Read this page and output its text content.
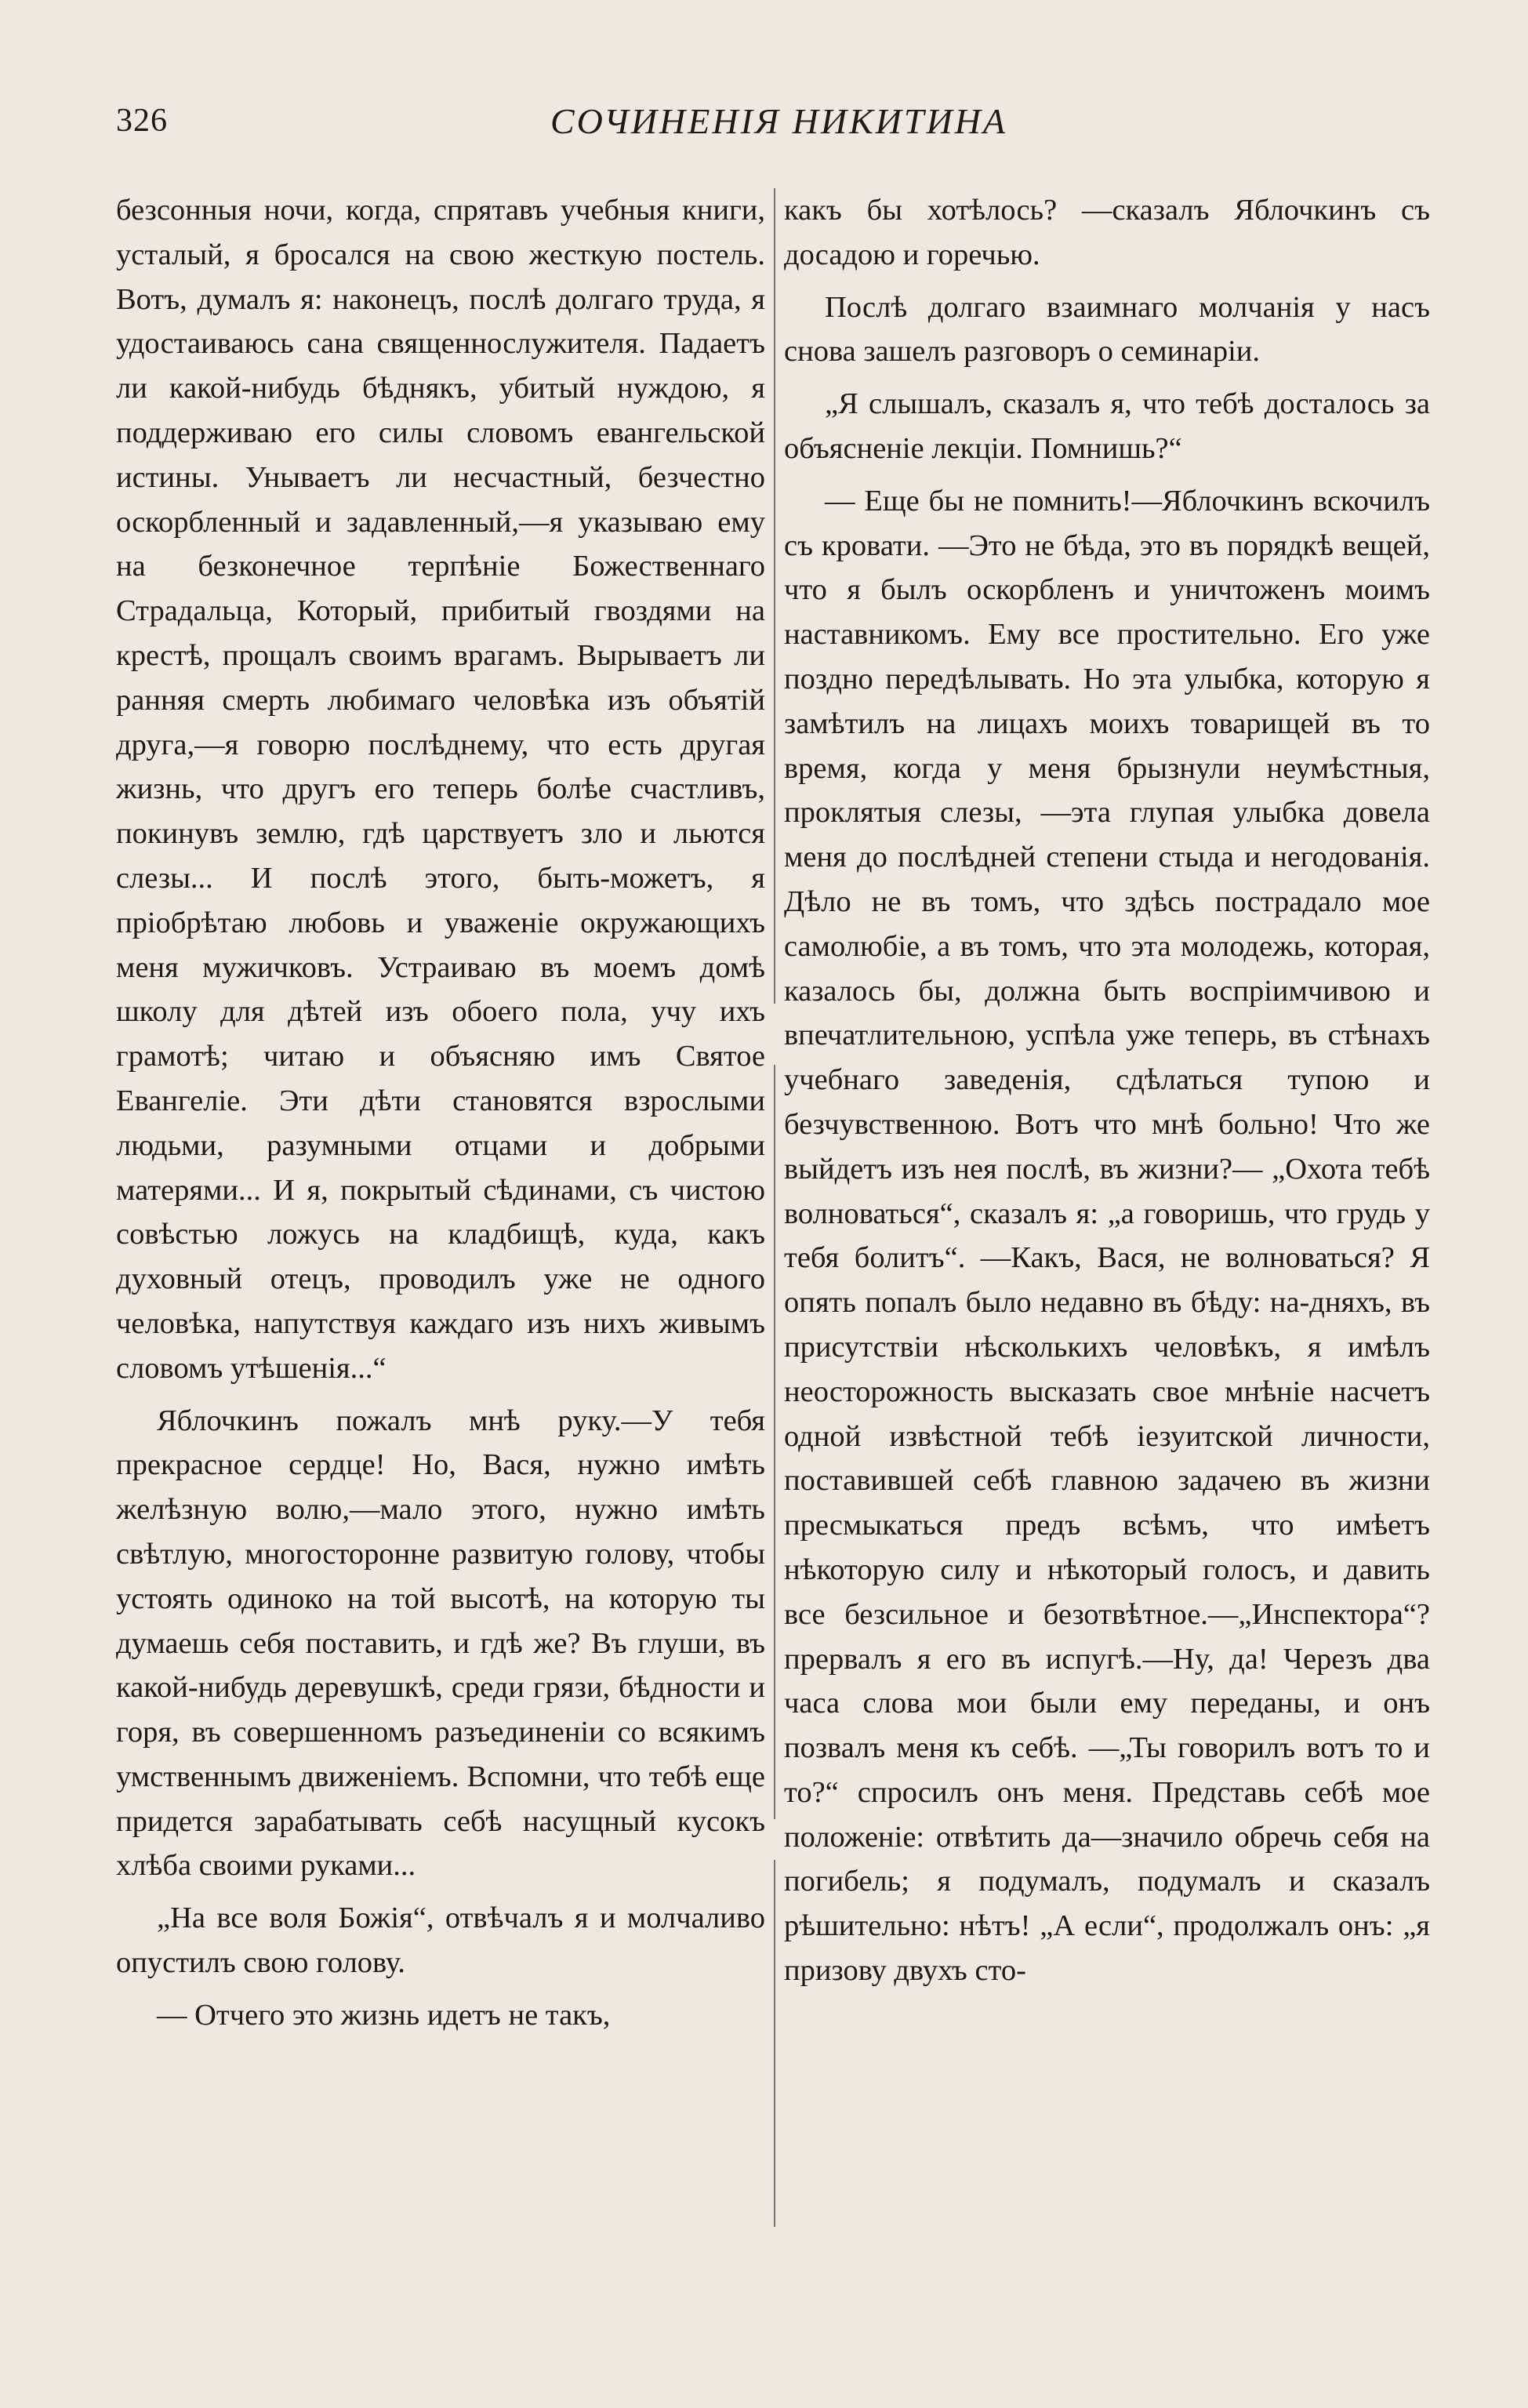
326	СОЧИНЕНІЯ НИКИТИНА

безсонныя ночи, когда, спрятавъ учебныя книги, усталый, я бросался на свою жесткую постель. Вотъ, думалъ я: наконецъ, послѣ долгаго труда, я удостаиваюсь сана священнослужителя. Падаетъ ли какой-нибудь бѣднякъ, убитый нуждою, я поддерживаю его силы словомъ евангельской истины. Унываетъ ли несчастный, безчестно оскорбленный и задавленный,—я указываю ему на безконечное терпѣніе Божественнаго Страдальца, Который, прибитый гвоздями на крестѣ, прощалъ своимъ врагамъ. Вырываетъ ли ранняя смерть любимаго человѣка изъ объятій друга,—я говорю послѣднему, что есть другая жизнь, что другъ его теперь болѣе счастливъ, покинувъ землю, гдѣ царствуетъ зло и льются слезы... И послѣ этого, быть-можетъ, я пріобрѣтаю любовь и уваженіе окружающихъ меня мужичковъ. Устраиваю въ моемъ домѣ школу для дѣтей изъ обоего пола, учу ихъ грамотѣ; читаю и объясняю имъ Святое Евангеліе. Эти дѣти становятся взрослыми людьми, разумными отцами и добрыми матерями... И я, покрытый сѣдинами, съ чистою совѣстью ложусь на кладбищѣ, куда, какъ духовный отецъ, проводилъ уже не одного человѣка, напутствуя каждаго изъ нихъ живымъ словомъ утѣшенія...“

Яблочкинъ пожалъ мнѣ руку.—У тебя прекрасное сердце! Но, Вася, нужно имѣть желѣзную волю,—мало этого, нужно имѣть свѣтлую, многосторонне развитую голову, чтобы устоять одиноко на той высотѣ, на которую ты думаешь себя поставить, и гдѣ же? Въ глуши, въ какой-нибудь деревушкѣ, среди грязи, бѣдности и горя, въ совершенномъ разъединеніи со всякимъ умственнымъ движеніемъ. Вспомни, что тебѣ еще придется зарабатывать себѣ насущный кусокъ хлѣба своими руками...

„На все воля Божія“, отвѣчалъ я и молчаливо опустилъ свою голову.

— Отчего это жизнь идетъ не такъ,

какъ бы хотѣлось? —сказалъ Яблочкинъ съ досадою и горечью.

Послѣ долгаго взаимнаго молчанія у насъ снова зашелъ разговоръ о семинаріи.

„Я слышалъ, сказалъ я, что тебѣ досталось за объясненіе лекціи. Помнишь?“

— Еще бы не помнить!—Яблочкинъ вскочилъ съ кровати. —Это не бѣда, это въ порядкѣ вещей, что я былъ оскорбленъ и уничтоженъ моимъ наставникомъ. Ему все простительно. Его уже поздно передѣлывать. Но эта улыбка, которую я замѣтилъ на лицахъ моихъ товарищей въ то время, когда у меня брызнули неумѣстныя, проклятыя слезы, —эта глупая улыбка довела меня до послѣдней степени стыда и негодованія. Дѣло не въ томъ, что здѣсь пострадало мое самолюбіе, а въ томъ, что эта молодежь, которая, казалось бы, должна быть воспріимчивою и впечатлительною, успѣла уже теперь, въ стѣнахъ учебнаго заведенія, сдѣлаться тупою и безчувственною. Вотъ что мнѣ больно! Что же выйдетъ изъ нея послѣ, въ жизни?— „Охота тебѣ волноваться“, сказалъ я: „а говоришь, что грудь у тебя болитъ“. —Какъ, Вася, не волноваться? Я опять попалъ было недавно въ бѣду: на-дняхъ, въ присутствіи нѣсколькихъ человѣкъ, я имѣлъ неосторожность высказать свое мнѣніе насчетъ одной извѣстной тебѣ іезуитской личности, поставившей себѣ главною задачею въ жизни пресмыкаться предъ всѣмъ, что имѣетъ нѣкоторую силу и нѣкоторый голосъ, и давить все безсильное и безотвѣтное.—„Инспектора“? прервалъ я его въ испугѣ.—Ну, да! Черезъ два часа слова мои были ему переданы, и онъ позвалъ меня къ себѣ. —„Ты говорилъ вотъ то и то?“ спросилъ онъ меня. Представь себѣ мое положеніе: отвѣтить да—значило обречь себя на погибель; я подумалъ, подумалъ и сказалъ рѣшительно: нѣтъ! „А если“, продолжалъ онъ: „я призову двухъ сто-
